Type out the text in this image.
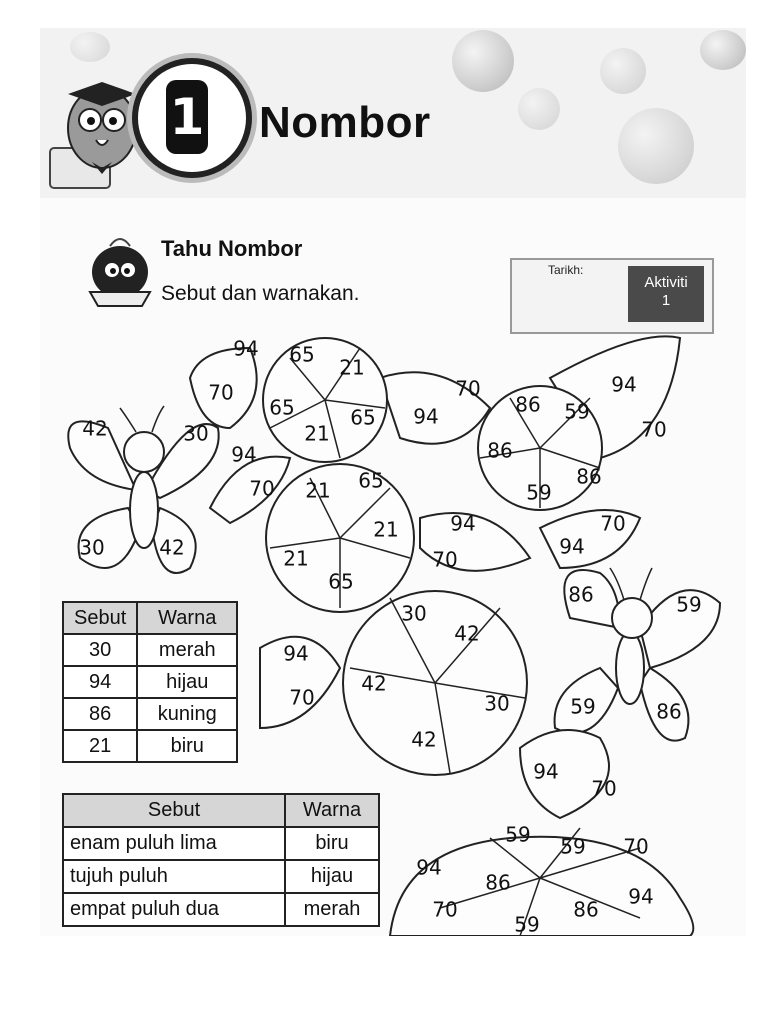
1 Nombor
Tahu Nombor
Sebut dan warnakan.
Tarikh:
Aktiviti
1
42	30
30	42
94 65
21
70
65	65
21
94
70
70
94	86 59
94
70
86
86
59
21 65
21
21
65
94
70
70
94
86	59
59	86
30
42
42
30
42
94
70
94
70
59 59 70
94
86
70	86
59
94
Sebut	Warna
30	merah
94	hijau
86	kuning
21	biru
Sebut	Warna
enam puluh lima	biru
tujuh puluh	hijau
empat puluh dua	merah
